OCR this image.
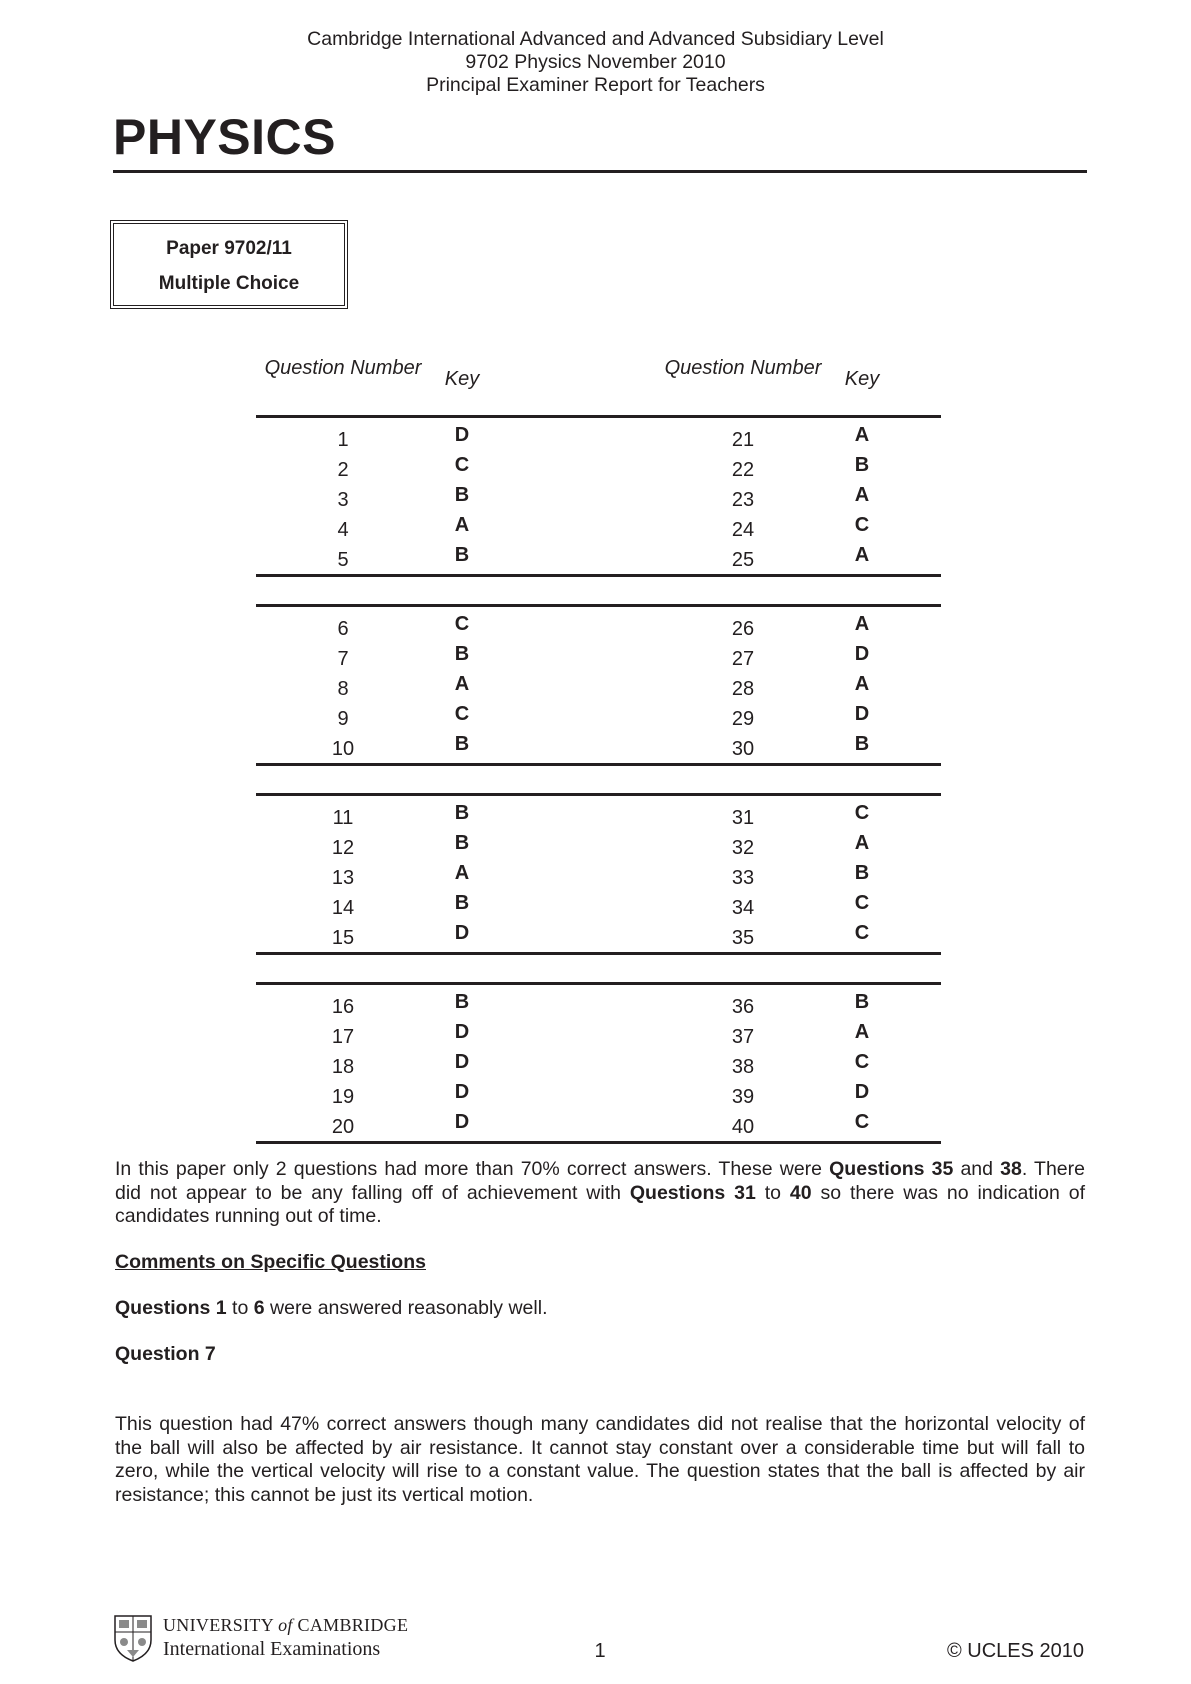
Cambridge International Advanced and Advanced Subsidiary Level
9702 Physics November 2010
Principal Examiner Report for Teachers
PHYSICS
Paper 9702/11
Multiple Choice
Question Number	Key	Question Number	Key
1	D	21	A
2	C	22	B
3	B	23	A
4	A	24	C
5	B	25	A
6	C	26	A
7	B	27	D
8	A	28	A
9	C	29	D
10	B	30	B
11	B	31	C
12	B	32	A
13	A	33	B
14	B	34	C
15	D	35	C
16	B	36	B
17	D	37	A
18	D	38	C
19	D	39	D
20	D	40	C

In this paper only 2 questions had more than 70% correct answers. These were Questions 35 and 38. There did not appear to be any falling off of achievement with Questions 31 to 40 so there was no indication of candidates running out of time.

Comments on Specific Questions

Questions 1 to 6 were answered reasonably well.

Question 7

This question had 47% correct answers though many candidates did not realise that the horizontal velocity of the ball will also be affected by air resistance. It cannot stay constant over a considerable time but will fall to zero, while the vertical velocity will rise to a constant value. The question states that the ball is affected by air resistance; this cannot be just its vertical motion.

UNIVERSITY of CAMBRIDGE
International Examinations	1	© UCLES 2010
